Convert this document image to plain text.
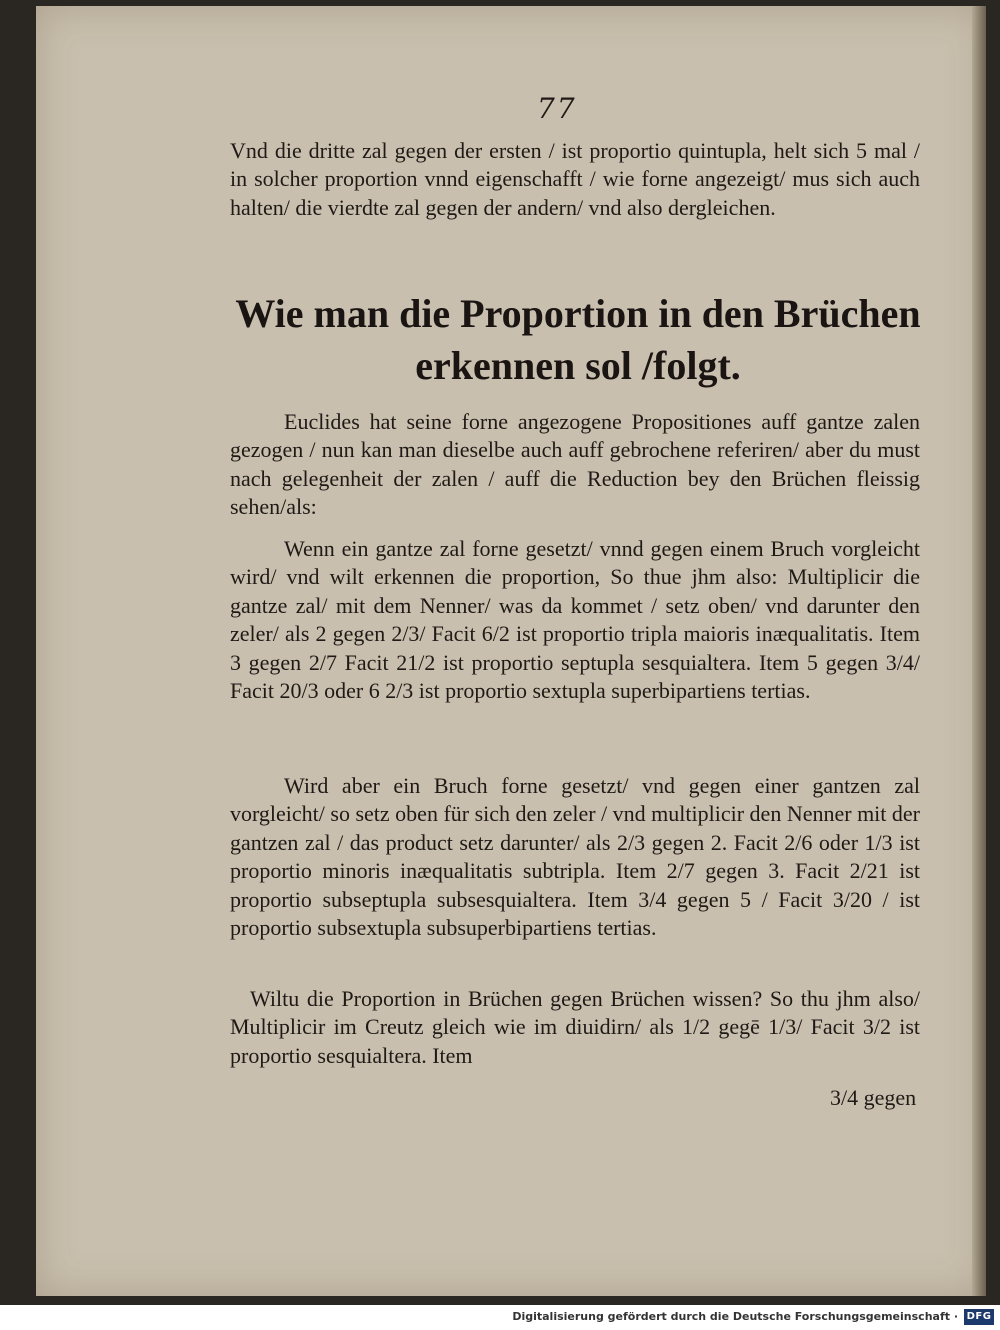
77

Vnd die dritte zal gegen der ersten / ist proportio quintupla, helt sich 5 mal / in solcher proportion vnnd eigenschafft / wie forne angezeigt/ mus sich auch halten/ die vierdte zal gegen der andern/ vnd also dergleichen.

Wie man die Proportion in den Brüchen erkennen sol /folgt.

Euclides hat seine forne angezogene Propositiones auff gantze zalen gezogen / nun kan man dieselbe auch auff gebrochene referiren/ aber du must nach gelegenheit der zalen / auff die Reduction bey den Brüchen fleissig sehen/als:

Wenn ein gantze zal forne gesetzt/ vnnd gegen einem Bruch vorgleicht wird/ vnd wilt erkennen die proportion, So thue jhm also: Multiplicir die gantze zal/ mit dem Nenner/ was da kommet / setz oben/ vnd darunter den zeler/ als 2 gegen 2/3/ Facit 6/2 ist proportio tripla maioris inæqualitatis. Item 3 gegen 2/7 Facit 21/2 ist proportio septupla sesquialtera. Item 5 gegen 3/4/ Facit 20/3 oder 6 2/3 ist proportio sextupla superbipartiens tertias.

Wird aber ein Bruch forne gesetzt/ vnd gegen einer gantzen zal vorgleicht/ so setz oben für sich den zeler / vnd multiplicir den Nenner mit der gantzen zal / das product setz darunter/ als 2/3 gegen 2. Facit 2/6 oder 1/3 ist proportio minoris inæqualitatis subtripla. Item 2/7 gegen 3. Facit 2/21 ist proportio subseptupla subsesquialtera. Item 3/4 gegen 5 / Facit 3/20 / ist proportio subsextupla subsuperbipartiens tertias.

Wiltu die Proportion in Brüchen gegen Brüchen wissen? So thu jhm also/ Multiplicir im Creutz gleich wie im diuidirn/ als 1/2 gegē 1/3/ Facit 3/2 ist proportio sesquialtera. Item

3/4 gegen
Digitalisierung gefördert durch die Deutsche Forschungsgemeinschaft · DFG
